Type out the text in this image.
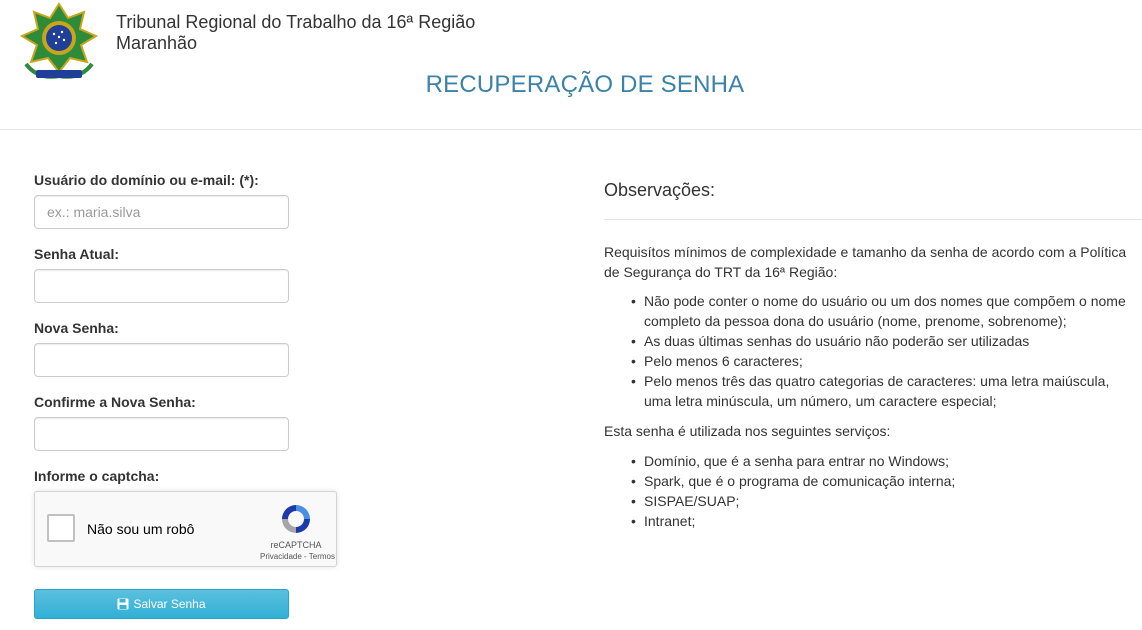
Tribunal Regional do Trabalho da 16ª Região
Maranhão
RECUPERAÇÃO DE SENHA
Usuário do domínio ou e-mail: (*):
ex.: maria.silva
Senha Atual:
Nova Senha:
Confirme a Nova Senha:
Informe o captcha:
Não sou um robô
reCAPTCHA
Privacidade - Termos
Salvar Senha
Observações:
Requisítos mínimos de complexidade e tamanho da senha de acordo com a Política de Segurança do TRT da 16ª Região:
• Não pode conter o nome do usuário ou um dos nomes que compõem o nome completo da pessoa dona do usuário (nome, prenome, sobrenome);
• As duas últimas senhas do usuário não poderão ser utilizadas
• Pelo menos 6 caracteres;
• Pelo menos três das quatro categorias de caracteres: uma letra maiúscula, uma letra minúscula, um número, um caractere especial;
Esta senha é utilizada nos seguintes serviços:
• Domínio, que é a senha para entrar no Windows;
• Spark, que é o programa de comunicação interna;
• SISPAE/SUAP;
• Intranet;
